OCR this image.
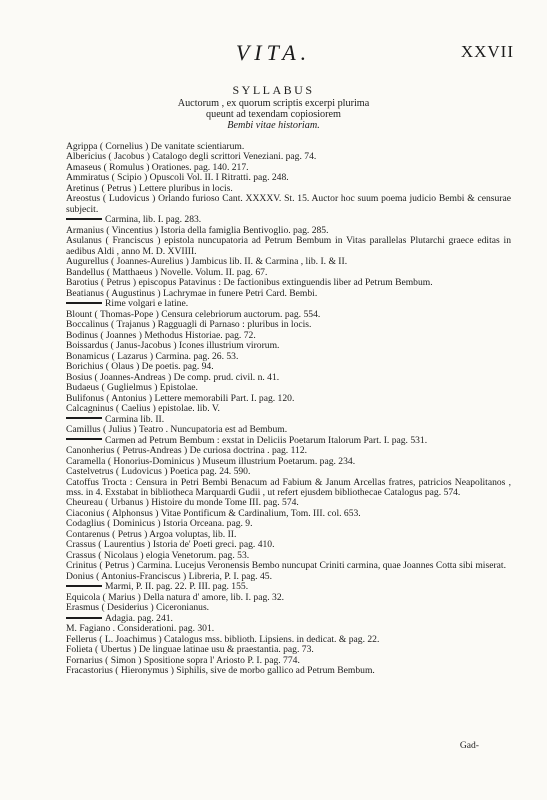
VITA.	XXVII
SYLLABUS
Auctorum , ex quorum scriptis excerpi plurima
queunt ad texendam copiosiorem
Bembi vitae historiam.
Agrippa ( Cornelius ) De vanitate scientiarum.
Albericius ( Jacobus ) Catalogo degli scrittori Veneziani. pag. 74.
Amaseus ( Romulus ) Orationes. pag. 140. 217.
Ammiratus ( Scipio ) Opuscoli Vol. II. I Ritratti. pag. 248.
Aretinus ( Petrus ) Lettere pluribus in locis.
Areostus ( Ludovicus ) Orlando furioso Cant. XXXXV. St. 15. Auctor hoc suum poema judicio Bembi & censurae subjecit.
Carmina, lib. I. pag. 283.
Armanius ( Vincentius ) Istoria della famiglia Bentivoglio. pag. 285.
Asulanus ( Franciscus ) epistola nuncupatoria ad Petrum Bembum in Vitas parallelas Plutarchi graece editas in aedibus Aldi , anno M. D. XVIIII.
Augurellus ( Joannes-Aurelius ) Jambicus lib. II. & Carmina , lib. I. & II.
Bandellus ( Matthaeus ) Novelle. Volum. II. pag. 67.
Barotius ( Petrus ) episcopus Patavinus : De factionibus extinguendis liber ad Petrum Bembum.
Beatianus ( Augustinus ) Lachrymae in funere Petri Card. Bembi.
Rime volgari e latine.
Blount ( Thomas-Pope ) Censura celebriorum auctorum. pag. 554.
Boccalinus ( Trajanus ) Ragguagli di Parnaso : pluribus in locis.
Bodinus ( Joannes ) Methodus Historiae. pag. 72.
Boissardus ( Janus-Jacobus ) Icones illustrium virorum.
Bonamicus ( Lazarus ) Carmina. pag. 26. 53.
Borichius ( Olaus ) De poetis. pag. 94.
Bosius ( Joannes-Andreas ) De comp. prud. civil. n. 41.
Budaeus ( Guglielmus ) Epistolae.
Bulifonus ( Antonius ) Lettere memorabili Part. I. pag. 120.
Calcagninus ( Caelius ) epistolae. lib. V.
Carmina lib. II.
Camillus ( Julius ) Teatro . Nuncupatoria est ad Bembum.
Carmen ad Petrum Bembum : exstat in Deliciis Poetarum Italorum Part. I. pag. 531.
Canonherius ( Petrus-Andreas ) De curiosa doctrina . pag. 112.
Caramella ( Honorius-Dominicus ) Museum illustrium Poetarum. pag. 234.
Castelvetrus ( Ludovicus ) Poetica pag. 24. 590.
Catoffus Trocta : Censura in Petri Bembi Benacum ad Fabium & Janum Arcellas fratres, patricios Neapolitanos , mss. in 4. Exstabat in bibliotheca Marquardi Gudii , ut refert ejusdem bibliothecae Catalogus pag. 574.
Cheureau ( Urbanus ) Histoire du monde Tome III. pag. 574.
Ciaconius ( Alphonsus ) Vitae Pontificum & Cardinalium, Tom. III. col. 653.
Codaglius ( Dominicus ) Istoria Orceana. pag. 9.
Contarenus ( Petrus ) Argoa voluptas, lib. II.
Crassus ( Laurentius ) Istoria de' Poeti greci. pag. 410.
Crassus ( Nicolaus ) elogia Venetorum. pag. 53.
Crinitus ( Petrus ) Carmina. Lucejus Veronensis Bembo nuncupat Criniti carmina, quae Joannes Cotta sibi miserat.
Donius ( Antonius-Franciscus ) Libreria, P. I. pag. 45.
Marmi, P. II. pag. 22. P. III. pag. 155.
Equicola ( Marius ) Della natura d' amore, lib. I. pag. 32.
Erasmus ( Desiderius ) Ciceronianus.
Adagia. pag. 241.
M. Fagiano . Considerationi. pag. 301.
Fellerus ( L. Joachimus ) Catalogus mss. biblioth. Lipsiens. in dedicat. & pag. 22.
Folieta ( Ubertus ) De linguae latinae usu & praestantia. pag. 73.
Fornarius ( Simon ) Spositione sopra l' Ariosto P. I. pag. 774.
Fracastorius ( Hieronymus ) Siphilis, sive de morbo gallico ad Petrum Bembum.
Gad-
